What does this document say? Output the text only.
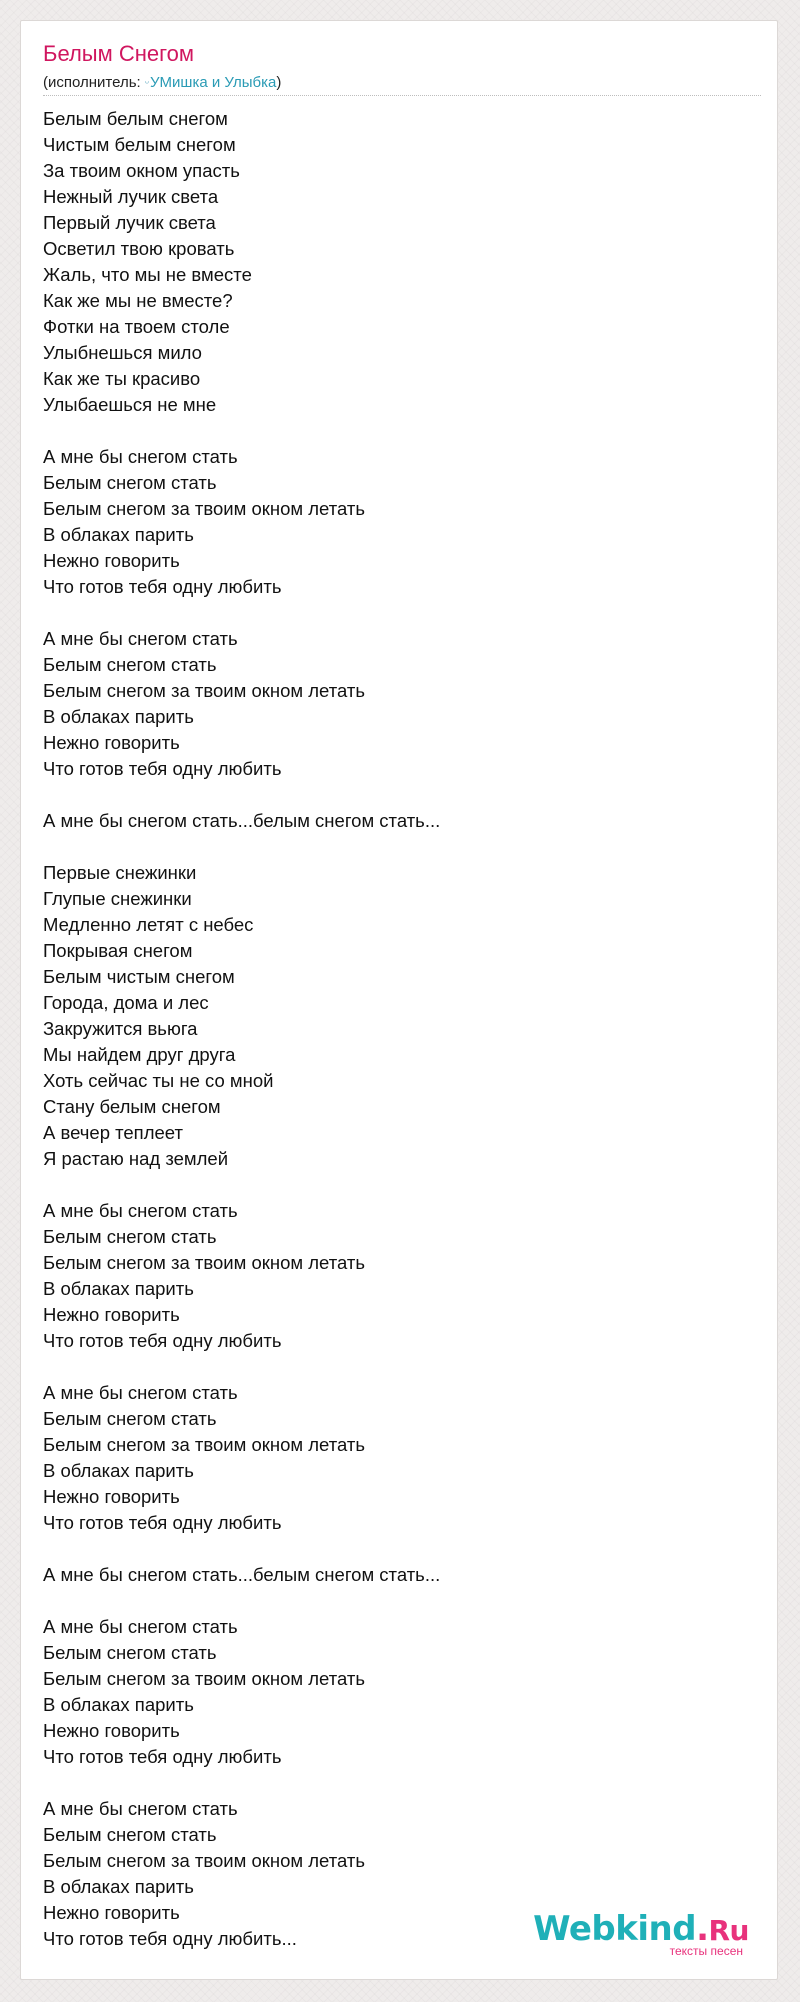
Белым Снегом
(исполнитель: ᵕУМишка и Улыбка)
Белым белым снегом
Чистым белым снегом
За твоим окном упасть
Нежный лучик света
Первый лучик света
Осветил твою кровать
Жаль, что мы не вместе
Как же мы не вместе?
Фотки на твоем столе
Улыбнешься мило
Как же ты красиво
Улыбаешься не мне
А мне бы снегом стать
Белым снегом стать
Белым снегом за твоим окном летать
В облаках парить
Нежно говорить
Что готов тебя одну любить
А мне бы снегом стать
Белым снегом стать
Белым снегом за твоим окном летать
В облаках парить
Нежно говорить
Что готов тебя одну любить
А мне бы снегом стать...белым снегом стать...
Первые снежинки
Глупые снежинки
Медленно летят с небес
Покрывая снегом
Белым чистым снегом
Города, дома и лес
Закружится вьюга
Мы найдем друг друга
Хоть сейчас ты не со мной
Стану белым снегом
А вечер теплеет
Я растаю над землей
А мне бы снегом стать
Белым снегом стать
Белым снегом за твоим окном летать
В облаках парить
Нежно говорить
Что готов тебя одну любить
А мне бы снегом стать
Белым снегом стать
Белым снегом за твоим окном летать
В облаках парить
Нежно говорить
Что готов тебя одну любить
А мне бы снегом стать...белым снегом стать...
А мне бы снегом стать
Белым снегом стать
Белым снегом за твоим окном летать
В облаках парить
Нежно говорить
Что готов тебя одну любить
А мне бы снегом стать
Белым снегом стать
Белым снегом за твоим окном летать
В облаках парить
Нежно говорить
Что готов тебя одну любить...	Webkind.Ru
тексты песен
